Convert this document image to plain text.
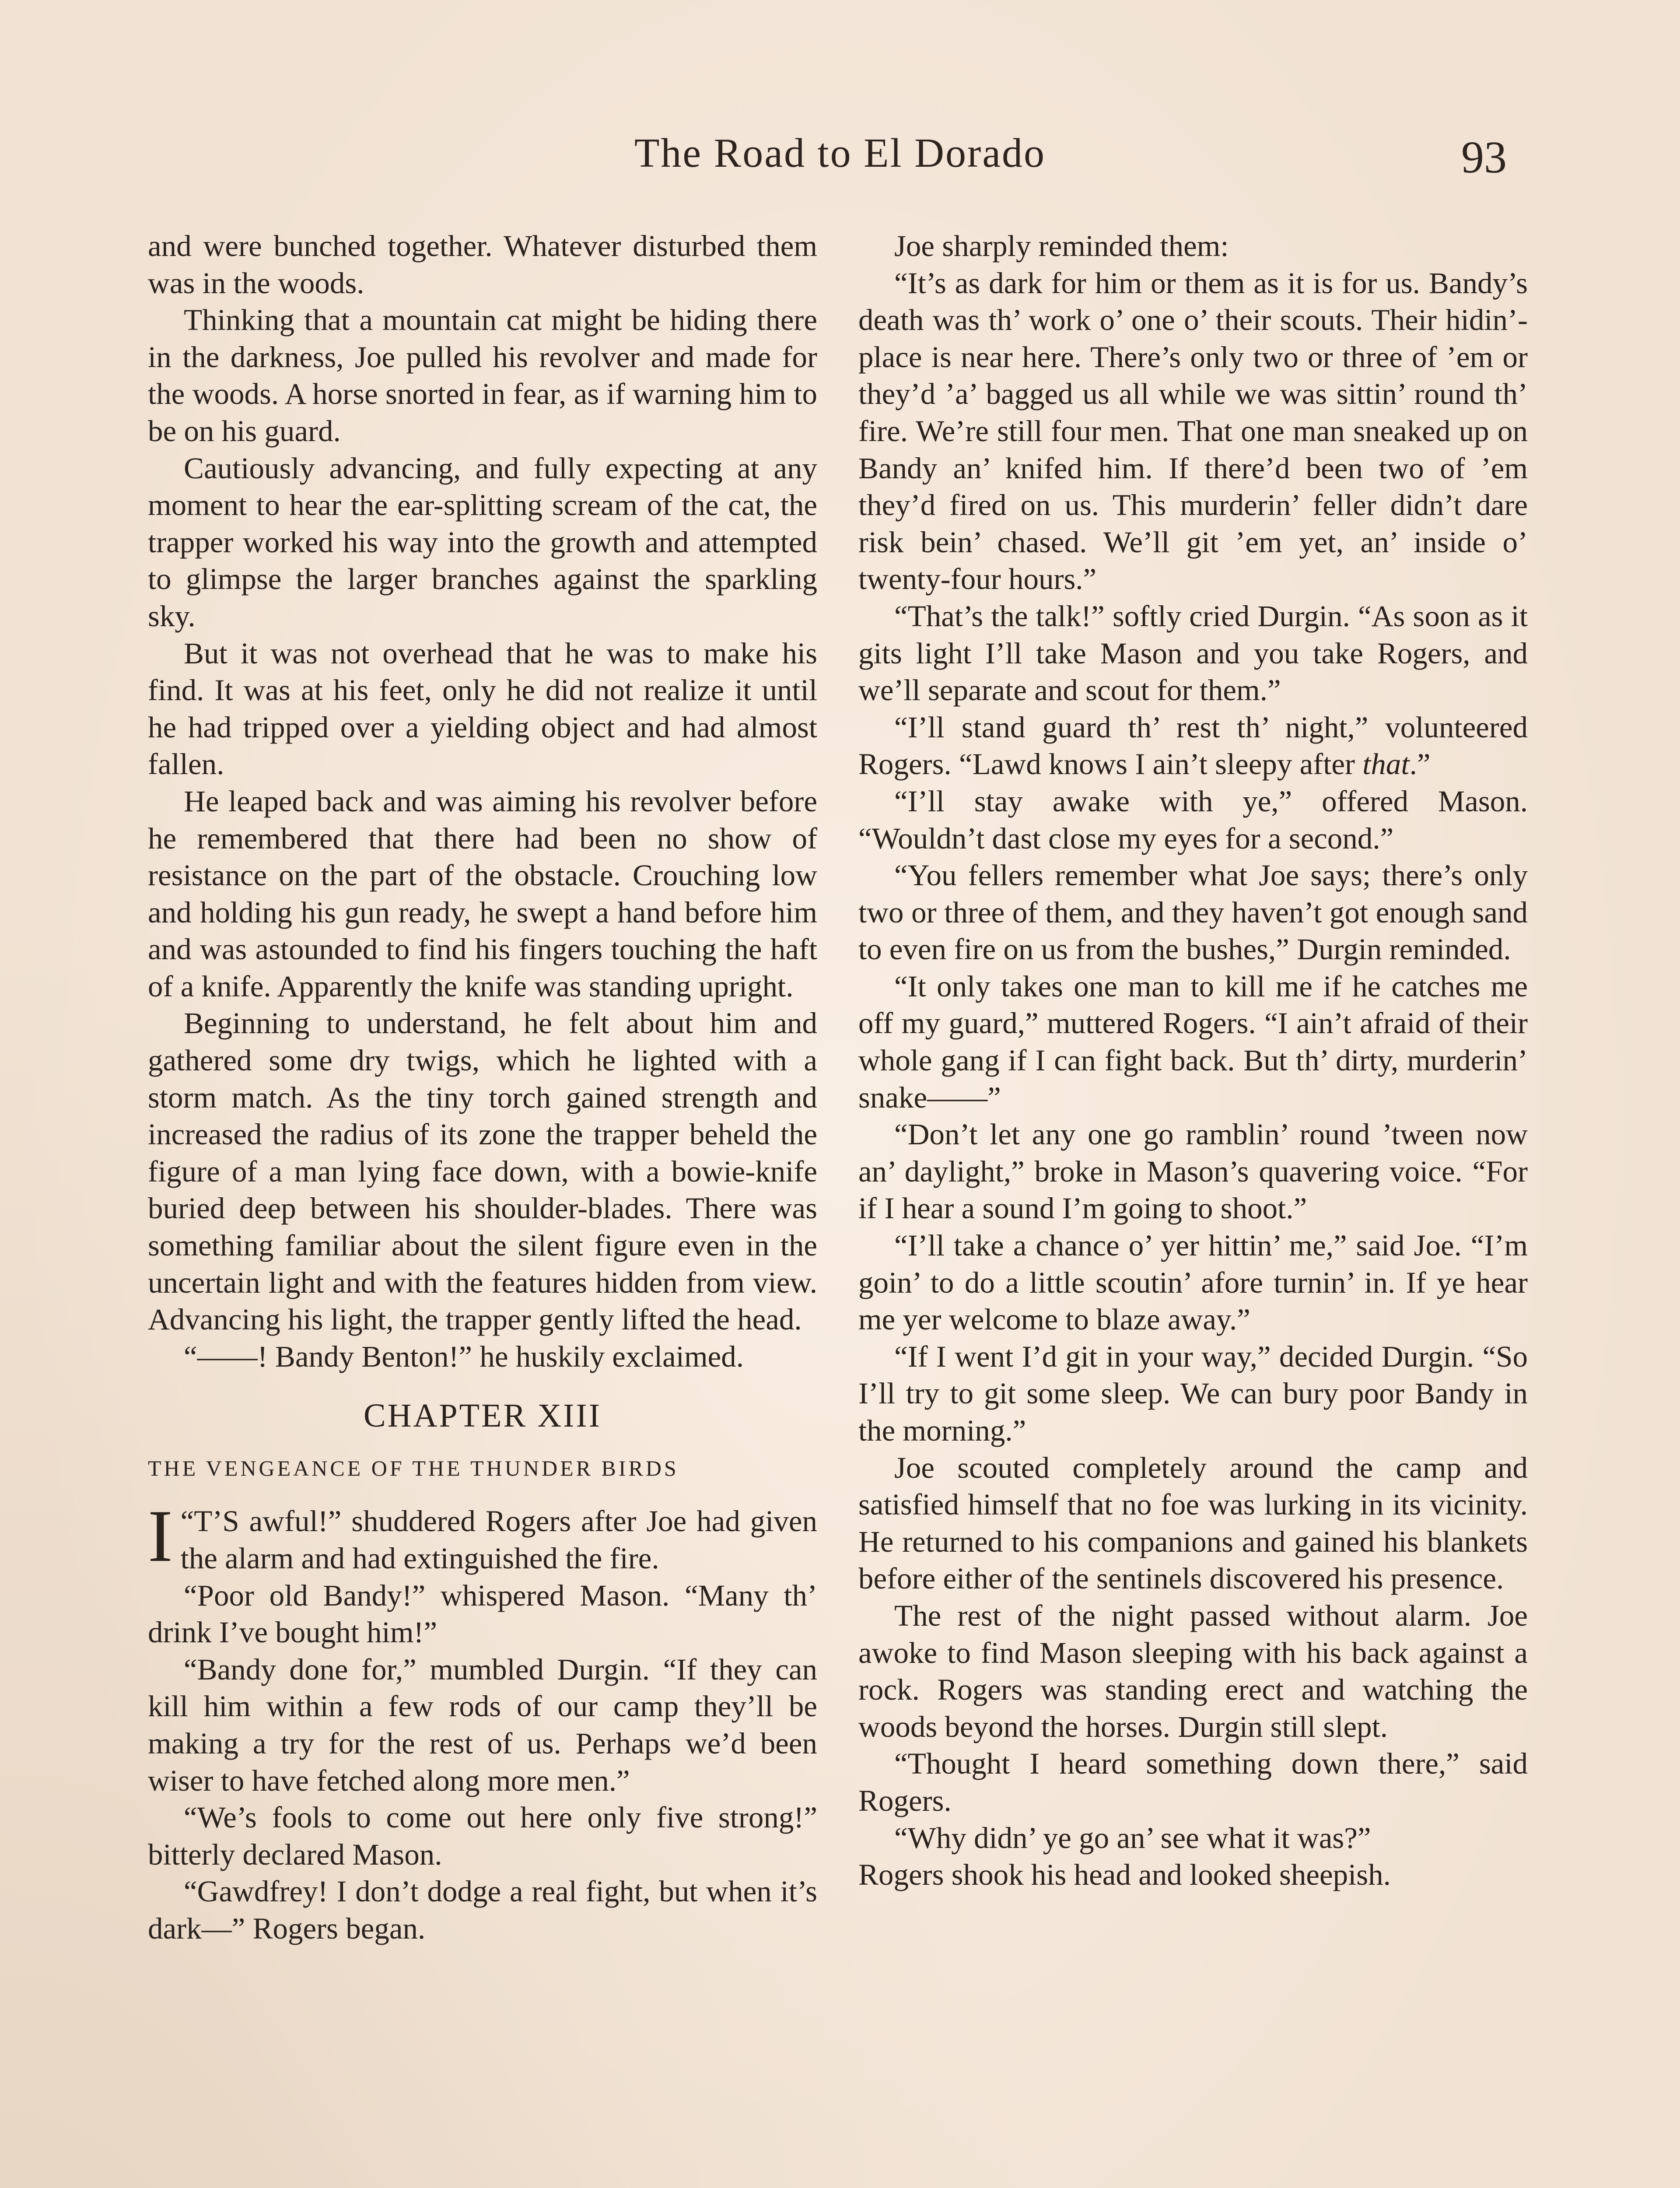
The Road to El Dorado	93

and were bunched together. Whatever disturbed them was in the woods.

Thinking that a mountain cat might be hiding there in the darkness, Joe pulled his revolver and made for the woods. A horse snorted in fear, as if warning him to be on his guard.

Cautiously advancing, and fully expecting at any moment to hear the ear-splitting scream of the cat, the trapper worked his way into the growth and attempted to glimpse the larger branches against the sparkling sky.

But it was not overhead that he was to make his find. It was at his feet, only he did not realize it until he had tripped over a yielding object and had almost fallen.

He leaped back and was aiming his revolver before he remembered that there had been no show of resistance on the part of the obstacle. Crouching low and holding his gun ready, he swept a hand before him and was astounded to find his fingers touching the haft of a knife. Apparently the knife was standing upright.

Beginning to understand, he felt about him and gathered some dry twigs, which he lighted with a storm match. As the tiny torch gained strength and increased the radius of its zone the trapper beheld the figure of a man lying face down, with a bowie-knife buried deep between his shoulder-blades. There was something familiar about the silent figure even in the uncertain light and with the features hidden from view. Advancing his light, the trapper gently lifted the head.

“——! Bandy Benton!” he huskily exclaimed.

CHAPTER XIII
THE VENGEANCE OF THE THUNDER BIRDS

“
I T’S awful!” shuddered Rogers after Joe had given the alarm and had extinguished the fire.

“Poor old Bandy!” whispered Mason. “Many th’ drink I’ve bought him!”

“Bandy done for,” mumbled Durgin. “If they can kill him within a few rods of our camp they’ll be making a try for the rest of us. Perhaps we’d been wiser to have fetched along more men.”

“We’s fools to come out here only five strong!” bitterly declared Mason.

“Gawdfrey! I don’t dodge a real fight, but when it’s dark—” Rogers began.

Joe sharply reminded them:

“It’s as dark for him or them as it is for us. Bandy’s death was th’ work o’ one o’ their scouts. Their hidin’-place is near here. There’s only two or three of ’em or they’d ’a’ bagged us all while we was sittin’ round th’ fire. We’re still four men. That one man sneaked up on Bandy an’ knifed him. If there’d been two of ’em they’d fired on us. This murderin’ feller didn’t dare risk bein’ chased. We’ll git ’em yet, an’ inside o’ twenty-four hours.”

“That’s the talk!” softly cried Durgin. “As soon as it gits light I’ll take Mason and you take Rogers, and we’ll separate and scout for them.”

“I’ll stand guard th’ rest th’ night,” volunteered Rogers. “Lawd knows I ain’t sleepy after that.”

“I’ll stay awake with ye,” offered Mason. “Wouldn’t dast close my eyes for a second.”

“You fellers remember what Joe says; there’s only two or three of them, and they haven’t got enough sand to even fire on us from the bushes,” Durgin reminded.

“It only takes one man to kill me if he catches me off my guard,” muttered Rogers. “I ain’t afraid of their whole gang if I can fight back. But th’ dirty, murderin’ snake——”

“Don’t let any one go ramblin’ round ’tween now an’ daylight,” broke in Mason’s quavering voice. “For if I hear a sound I’m going to shoot.”

“I’ll take a chance o’ yer hittin’ me,” said Joe. “I’m goin’ to do a little scoutin’ afore turnin’ in. If ye hear me yer welcome to blaze away.”

“If I went I’d git in your way,” decided Durgin. “So I’ll try to git some sleep. We can bury poor Bandy in the morning.”

Joe scouted completely around the camp and satisfied himself that no foe was lurking in its vicinity. He returned to his companions and gained his blankets before either of the sentinels discovered his presence.

The rest of the night passed without alarm. Joe awoke to find Mason sleeping with his back against a rock. Rogers was standing erect and watching the woods beyond the horses. Durgin still slept.

“Thought I heard something down there,” said Rogers.

“Why didn’ ye go an’ see what it was?”

Rogers shook his head and looked sheepish.
